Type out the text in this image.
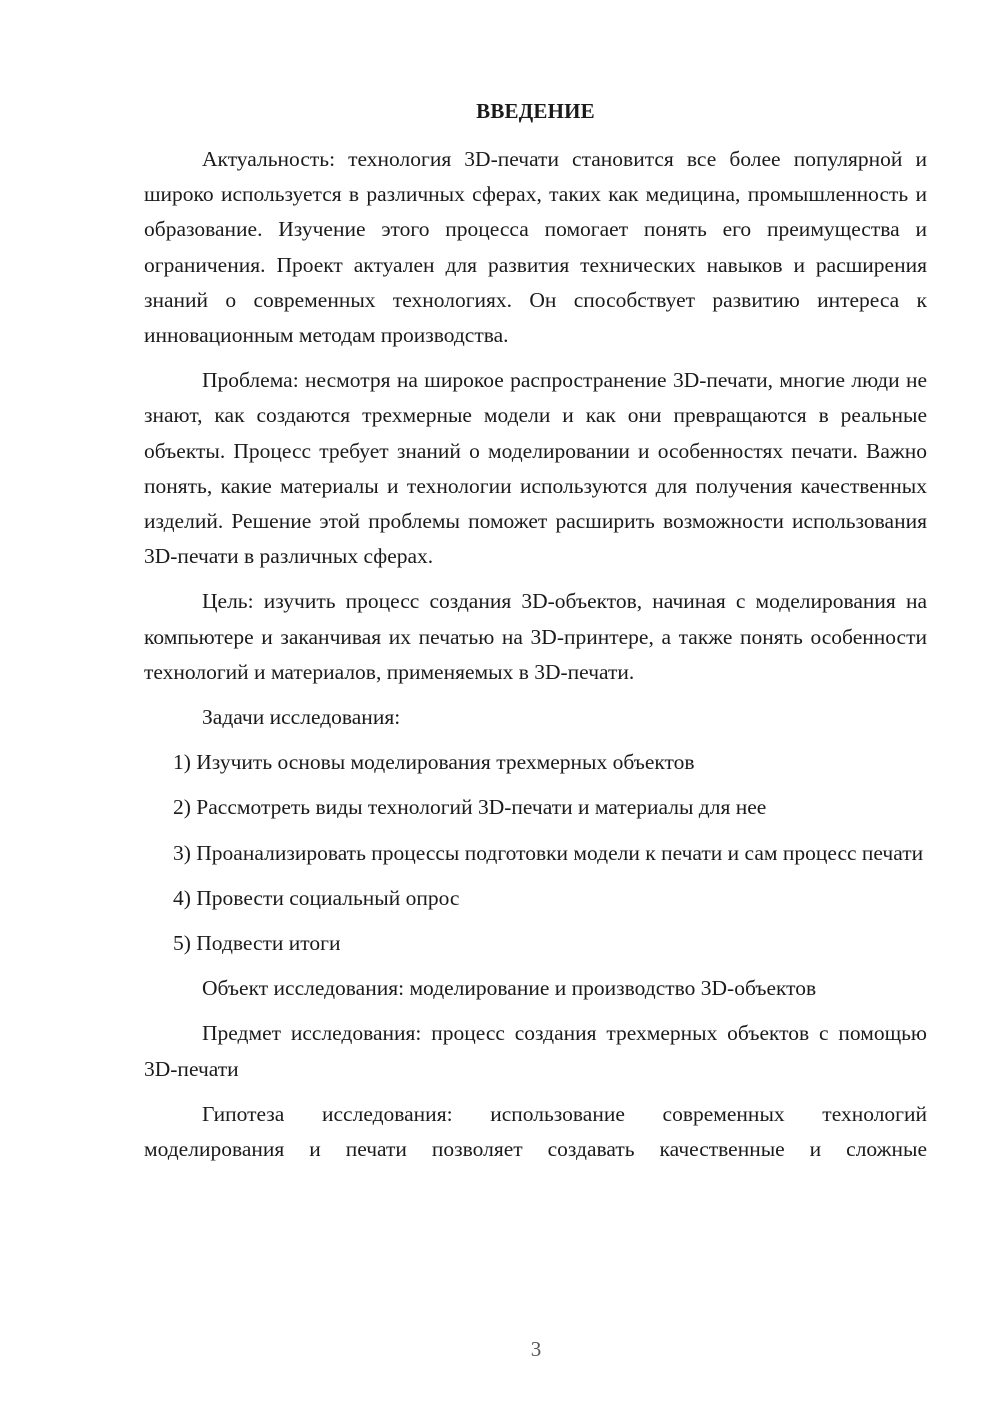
ВВЕДЕНИЕ

Актуальность: технология 3D-печати становится все более популярной и широко используется в различных сферах, таких как медицина, промышленность и образование. Изучение этого процесса помогает понять его преимущества и ограничения. Проект актуален для развития технических навыков и расширения знаний о современных технологиях. Он способствует развитию интереса к инновационным методам производства.

Проблема: несмотря на широкое распространение 3D-печати, многие люди не знают, как создаются трехмерные модели и как они превращаются в реальные объекты. Процесс требует знаний о моделировании и особенностях печати. Важно понять, какие материалы и технологии используются для получения качественных изделий. Решение этой проблемы поможет расширить возможности использования 3D-печати в различных сферах.

Цель: изучить процесс создания 3D-объектов, начиная с моделирования на компьютере и заканчивая их печатью на 3D-принтере, а также понять особенности технологий и материалов, применяемых в 3D-печати.

Задачи исследования:

1) Изучить основы моделирования трехмерных объектов

2) Рассмотреть виды технологий 3D-печати и материалы для нее

3) Проанализировать процессы подготовки модели к печати и сам процесс печати

4) Провести социальный опрос

5) Подвести итоги

Объект исследования: моделирование и производство 3D-объектов

Предмет исследования: процесс создания трехмерных объектов с помощью 3D-печати

Гипотеза исследования: использование современных технологий моделирования и печати позволяет создавать качественные и сложные

3
